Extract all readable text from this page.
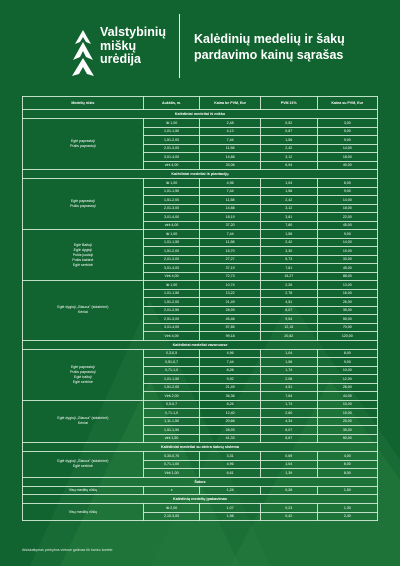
Valstybinių
miškų
urėdija
Kalėdinių medelių ir šakų
pardavimo kainų sąrašas
Medelių rūšis	Aukštis, m.	Kaina be PVM, Eur	PVM 21%	Kaina su PVM, Eur
Kalėdiniai medeliai iš miško				

Eglė paprastoji
Pušis paprastoji	iki 1,00	2,48	0,52	3,00
	1,01-1,50	4,13	0,87	5,00
	1,51-2,00	7,44	1,56	9,00
	2,01-3,00	11,58	2,42	14,00
	3,01-4,00	14,88	3,12	18,00
	virš 4,00	33,06	6,94	40,00
Kalėdiniai medeliai iš plantacijų				

Eglė paprastoji
Pušis paprastoji	iki 1,00	4,96	1,04	6,00
	1,01-1,50	7,44	1,56	9,00
	1,51-2,00	11,58	2,42	14,00
	2,01-3,00	14,88	3,12	18,00
	3,01-4,00	18,19	3,81	22,00
	virš 4,00	37,20	7,80	45,00

Eglė Baltoji
Eglė dygioji
Pušis juodoji
Pušis kalninė
Eglė serbinė	iki 1,00	7,44	1,56	9,00
	1,01-1,50	11,58	2,42	14,00
	1,51-2,00	15,70	3,30	19,00
	2,01-3,00	27,27	5,73	33,00
	3,01-4,00	37,19	7,81	45,00
	Virš 4,00	72,73	15,27	88,00

Eglė dygioji „Glauca" (sidabrinė)
Kėniai	iki 1,00	10,74	2,26	13,00
	1,01-1,50	13,22	2,78	16,00
	1,51-2,00	21,49	4,51	26,00
	2,01-2,50	28,93	6,07	35,00
	2,51-3,00	45,46	9,54	55,00
	3,01-4,00	57,85	12,15	70,00
	Virš 4,00	99,18	20,82	120,00
Kalėdiniai medeliai vazonuose				

Eglė paprastoji
Pušis paprastoji
Eglė baltoji
Eglė serbinė	0,3-0,5	4,96	1,04	6,00
	0,51-0,7	7,44	1,56	9,00
	0,71-1,0	8,26	1,74	10,00
	1,01-1,50	9,92	2,08	12,00
	1,51-2,00	21,49	4,51	26,00
	Virš 2,00	36,36	7,64	44,00

Eglė dygioji „Glauca" (sidabrinė)
Kėniai	0,5-0,7	8,26	1,74	10,00
	0,71-1,0	12,40	2,60	15,00
	1,11-1,50	20,66	4,34	25,00
	1,51-1,50	28,93	6,07	35,00
	virš 1,50	41,33	8,67	50,00
Kalėdiniai medeliai su atvira šaknų sistema				

Eglė dygioji „Glauca" (sidabrinė)
Eglė serbinė	0,30-0,70	3,31	0,69	4,00
	0,71-1,00	4,96	1,04	6,00
	Virš 1,00	6,61	1,39	8,00
Šakos				

Visų medžių rūšių	x	1,24	0,26	1,50
Kalėdinių medelių įpakavimas				

Visų medžių rūšių	iki 2,00	1,07	0,23	1,30
	2,10-3,00	1,98	0,42	2,40
Atsiskaitymas prekybos vietose galimas tik banko kortele
